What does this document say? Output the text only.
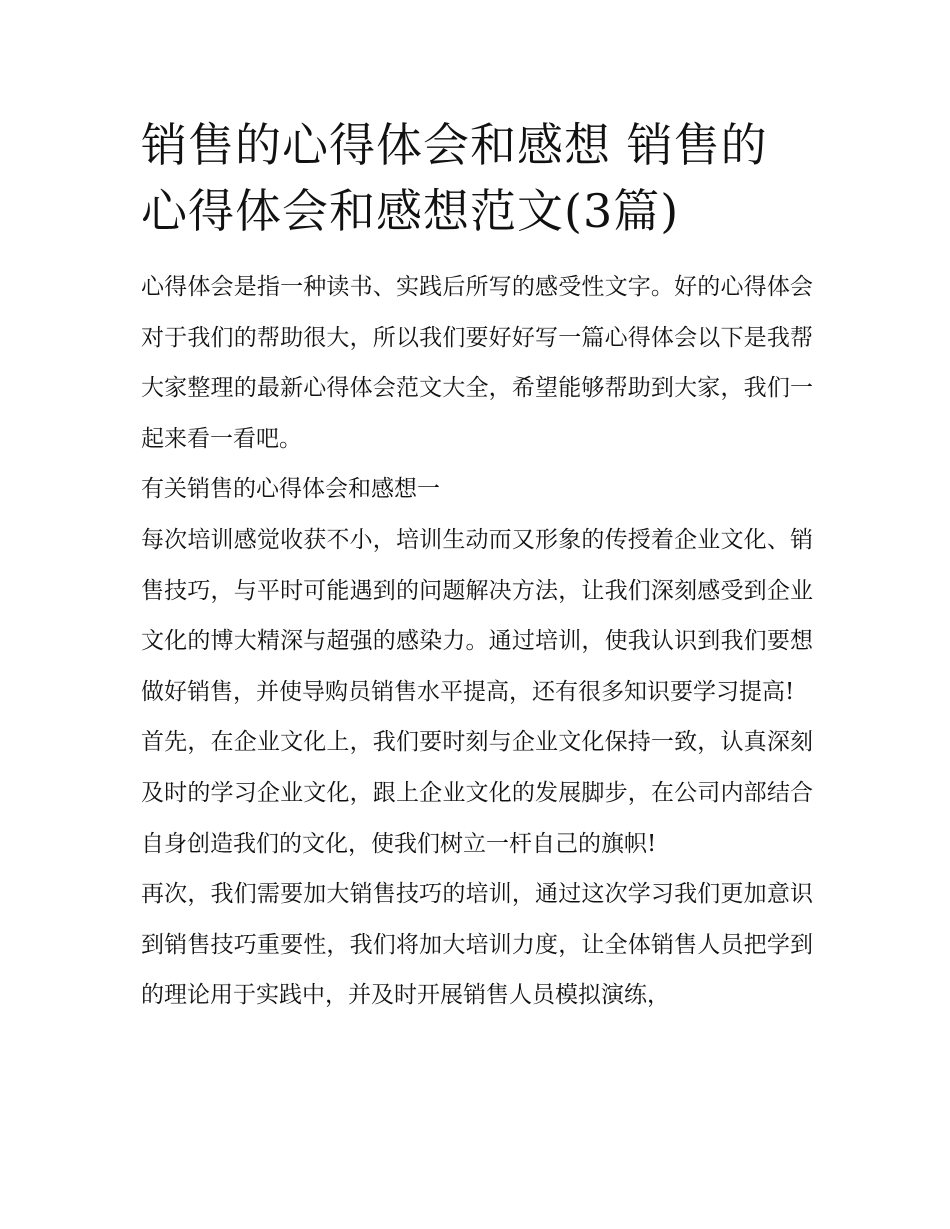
销售的心得体会和感想 销售的心得体会和感想范文(3篇)

心得体会是指一种读书、实践后所写的感受性文字。好的心得体会对于我们的帮助很大，所以我们要好好写一篇心得体会以下是我帮大家整理的最新心得体会范文大全，希望能够帮助到大家，我们一起来看一看吧。

有关销售的心得体会和感想一

每次培训感觉收获不小，培训生动而又形象的传授着企业文化、销售技巧，与平时可能遇到的问题解决方法，让我们深刻感受到企业文化的博大精深与超强的感染力。通过培训，使我认识到我们要想做好销售，并使导购员销售水平提高，还有很多知识要学习提高!

首先，在企业文化上，我们要时刻与企业文化保持一致，认真深刻及时的学习企业文化，跟上企业文化的发展脚步，在公司内部结合自身创造我们的文化，使我们树立一杆自己的旗帜!

再次，我们需要加大销售技巧的培训，通过这次学习我们更加意识到销售技巧重要性，我们将加大培训力度，让全体销售人员把学到的理论用于实践中，并及时开展销售人员模拟演练，
